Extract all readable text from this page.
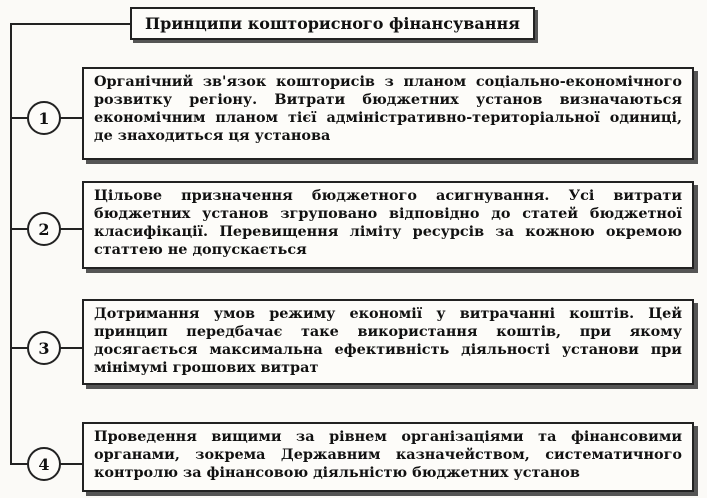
Принципи кошторисного фінансування
1
Органічний зв'язок кошторисів з планом соціально-економічного розвитку регіону. Витрати бюджетних установ визначаються економічним планом тієї адміністративно-територіальної одиниці, де знаходиться ця установа
2
Цільове призначення бюджетного асигнування. Усі витрати бюджетних установ згруповано відповідно до статей бюджетної класифікації. Перевищення ліміту ресурсів за кожною окремою статтею не допускається
3
Дотримання умов режиму економії у витрачанні коштів. Цей принцип передбачає таке використання коштів, при якому досягається максимальна ефективність діяльності установи при мінімумі грошових витрат
4
Проведення вищими за рівнем організаціями та фінансовими органами, зокрема Державним казначейством, систематичного контролю за фінансовою діяльністю бюджетних установ
